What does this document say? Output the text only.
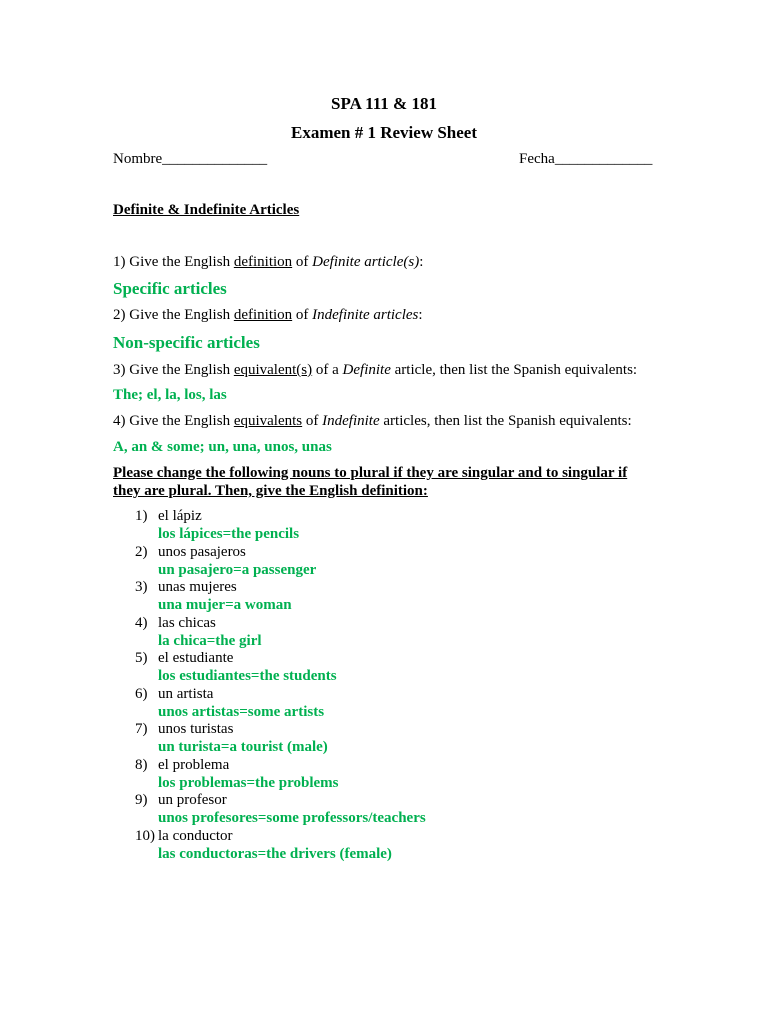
SPA 111 & 181
Examen # 1 Review Sheet
Nombre______________	Fecha_____________
Definite & Indefinite Articles
1) Give the English definition of Definite article(s):
Specific articles
2) Give the English definition of Indefinite articles:
Non-specific articles
3) Give the English equivalent(s) of a Definite article, then list the Spanish equivalents:
The; el, la, los, las
4) Give the English equivalents of Indefinite articles, then list the Spanish equivalents:
A, an & some; un, una, unos, unas
Please change the following nouns to plural if they are singular and to singular if they are plural. Then, give the English definition:
1) el lápiz
los lápices=the pencils
2) unos pasajeros
un pasajero=a passenger
3) unas mujeres
una mujer=a woman
4) las chicas
la chica=the girl
5) el estudiante
los estudiantes=the students
6) un artista
unos artistas=some artists
7) unos turistas
un turista=a tourist (male)
8) el problema
los problemas=the problems
9) un profesor
unos profesores=some professors/teachers
10) la conductor
las conductoras=the drivers (female)
